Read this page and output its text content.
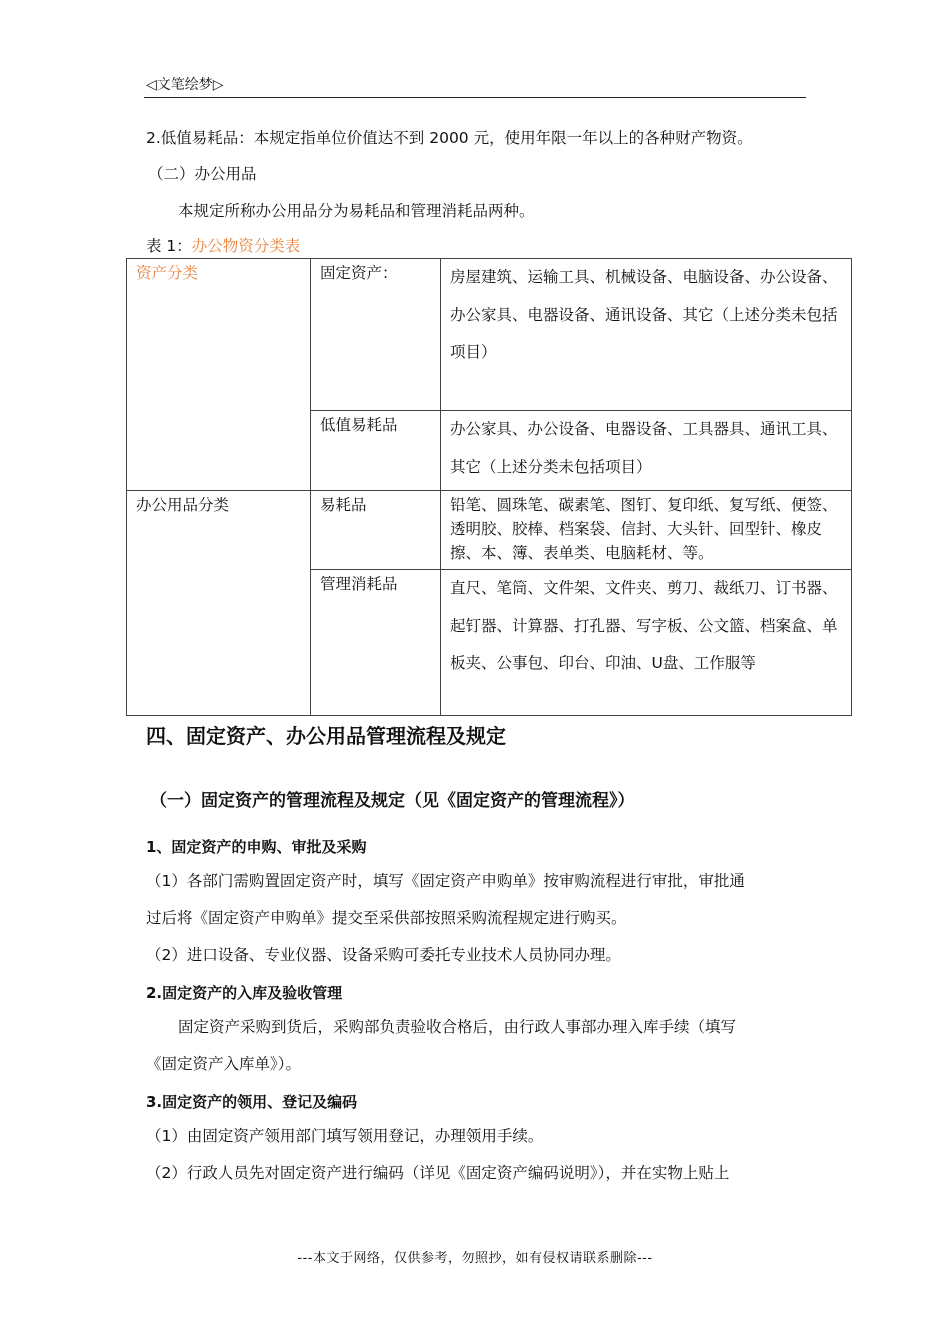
◁文笔绘梦▷
2.低值易耗品：本规定指单位价值达不到 2000 元，使用年限一年以上的各种财产物资。
（二）办公用品
本规定所称办公用品分为易耗品和管理消耗品两种。
表 1：办公物资分类表
资产分类	固定资产：	房屋建筑、运输工具、机械设备、电脑设备、办公设备、办公家具、电器设备、通讯设备、其它（上述分类未包括项目）

	低值易耗品	办公家具、办公设备、电器设备、工具器具、通讯工具、其它（上述分类未包括项目）

办公用品分类	易耗品	铅笔、圆珠笔、碳素笔、图钉、复印纸、复写纸、便签、透明胶、胶棒、档案袋、信封、大头针、回型针、橡皮擦、本、簿、表单类、电脑耗材、等。

	管理消耗品	直尺、笔筒、文件架、文件夹、剪刀、裁纸刀、订书器、起钉器、计算器、打孔器、写字板、公文篮、档案盒、单板夹、公事包、印台、印油、U盘、工作服等
四、固定资产、办公用品管理流程及规定
（一）固定资产的管理流程及规定（见《固定资产的管理流程》）
1、固定资产的申购、审批及采购
（1）各部门需购置固定资产时，填写《固定资产申购单》按审购流程进行审批，审批通
过后将《固定资产申购单》提交至采供部按照采购流程规定进行购买。
（2）进口设备、专业仪器、设备采购可委托专业技术人员协同办理。
2.固定资产的入库及验收管理
固定资产采购到货后，采购部负责验收合格后，由行政人事部办理入库手续（填写
《固定资产入库单》）。
3.固定资产的领用、登记及编码
（1）由固定资产领用部门填写领用登记，办理领用手续。
（2）行政人员先对固定资产进行编码（详见《固定资产编码说明》），并在实物上贴上
---本文于网络，仅供参考，勿照抄，如有侵权请联系删除---
